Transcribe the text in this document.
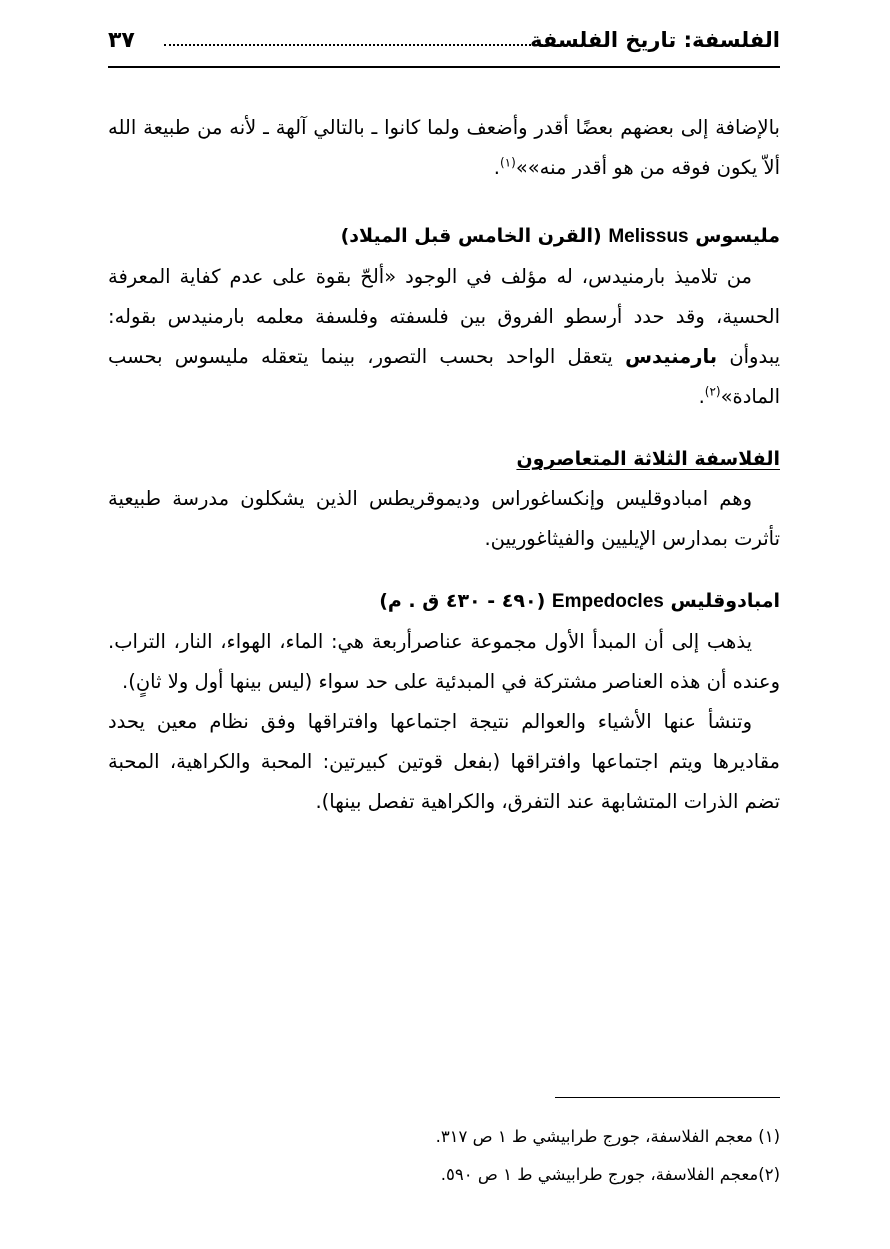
الفلسفة: تاريخ الفلسفة
٣٧

بالإضافة إلى بعضهم بعضًا أقدر وأضعف ولما كانوا ـ بالتالي آلهة ـ لأنه من طبيعة الله ألاّ يكون فوقه من هو أقدر منه»»$^{(١)}$.

مليسوس Melissus (القرن الخامس قبل الميلاد)

من تلاميذ بارمنيدس، له مؤلف في الوجود «ألحّ بقوة على عدم كفاية المعرفة الحسية، وقد حدد أرسطو الفروق بين فلسفته وفلسفة معلمه بارمنيدس بقوله: يبدوأن بارمنيدس يتعقل الواحد بحسب التصور، بينما يتعقله مليسوس بحسب المادة»$^{(٢)}$.

الفلاسفة الثلاثة المتعاصرون

وهم امبادوقليس وإنكساغوراس وديموقريطس الذين يشكلون مدرسة طبيعية تأثرت بمدارس الإيليين والفيثاغوريين.

امبادوقليس Empedocles (٤٩٠ - ٤٣٠ ق . م)

يذهب إلى أن المبدأ الأول مجموعة عناصرأربعة هي: الماء، الهواء، النار، التراب. وعنده أن هذه العناصر مشتركة في المبدئية على حد سواء (ليس بينها أول ولا ثانٍ).

وتنشأ عنها الأشياء والعوالم نتيجة اجتماعها وافتراقها وفق نظام معين يحدد مقاديرها ويتم اجتماعها وافتراقها (بفعل قوتين كبيرتين: المحبة والكراهية، المحبة تضم الذرات المتشابهة عند التفرق، والكراهية تفصل بينها).

(١) معجم الفلاسفة، جورج طرابيشي ط ١ ص ٣١٧.

(٢)معجم الفلاسفة، جورج طرابيشي ط ١ ص ٥٩٠.
